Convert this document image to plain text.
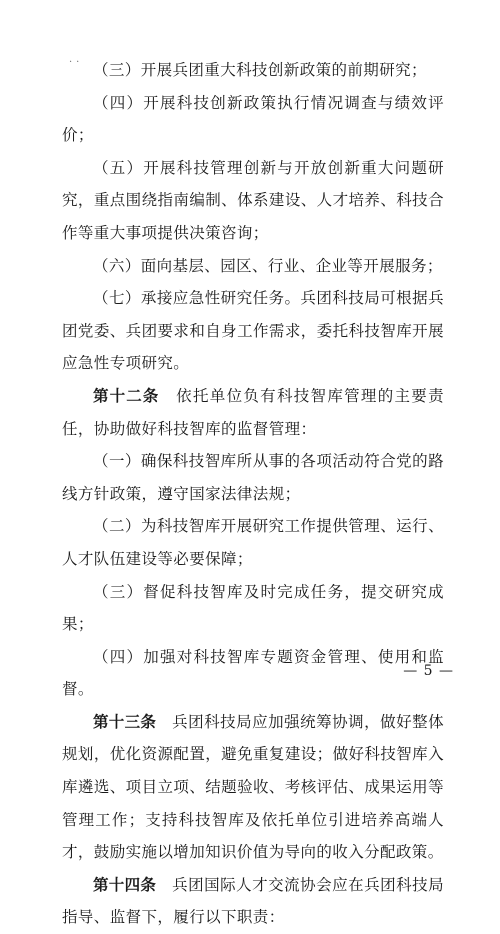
· · （三）开展兵团重大科技创新政策的前期研究；

（四）开展科技创新政策执行情况调查与绩效评价；

（五）开展科技管理创新与开放创新重大问题研究，重点围绕指南编制、体系建设、人才培养、科技合作等重大事项提供决策咨询；

（六）面向基层、园区、行业、企业等开展服务；

（七）承接应急性研究任务。兵团科技局可根据兵团党委、兵团要求和自身工作需求，委托科技智库开展应急性专项研究。

第十二条　依托单位负有科技智库管理的主要责任，协助做好科技智库的监督管理：

（一）确保科技智库所从事的各项活动符合党的路线方针政策，遵守国家法律法规；

（二）为科技智库开展研究工作提供管理、运行、人才队伍建设等必要保障；

（三）督促科技智库及时完成任务，提交研究成果；

（四）加强对科技智库专题资金管理、使用和监督。

第十三条　兵团科技局应加强统筹协调，做好整体规划，优化资源配置，避免重复建设；做好科技智库入库遴选、项目立项、结题验收、考核评估、成果运用等管理工作；支持科技智库及依托单位引进培养高端人才，鼓励实施以增加知识价值为导向的收入分配政策。

第十四条　兵团国际人才交流协会应在兵团科技局指导、监督下，履行以下职责：

— 5 —
